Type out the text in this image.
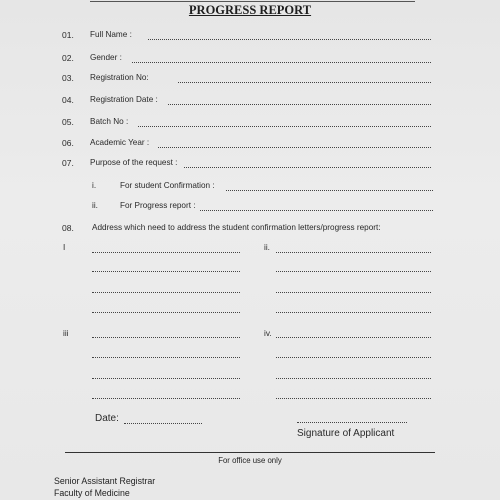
PROGRESS REPORT
01. Full Name :
02. Gender :
03. Registration No:
04. Registration Date :
05. Batch No :
06. Academic Year :
07. Purpose of the request :
i.	For student Confirmation :
ii.	For Progress report :
08. Address which need to address the student confirmation letters/progress report:
I	ii.
iii	iv.
Date:
Signature of Applicant
For office use only
Senior Assistant Registrar
Faculty of Medicine
